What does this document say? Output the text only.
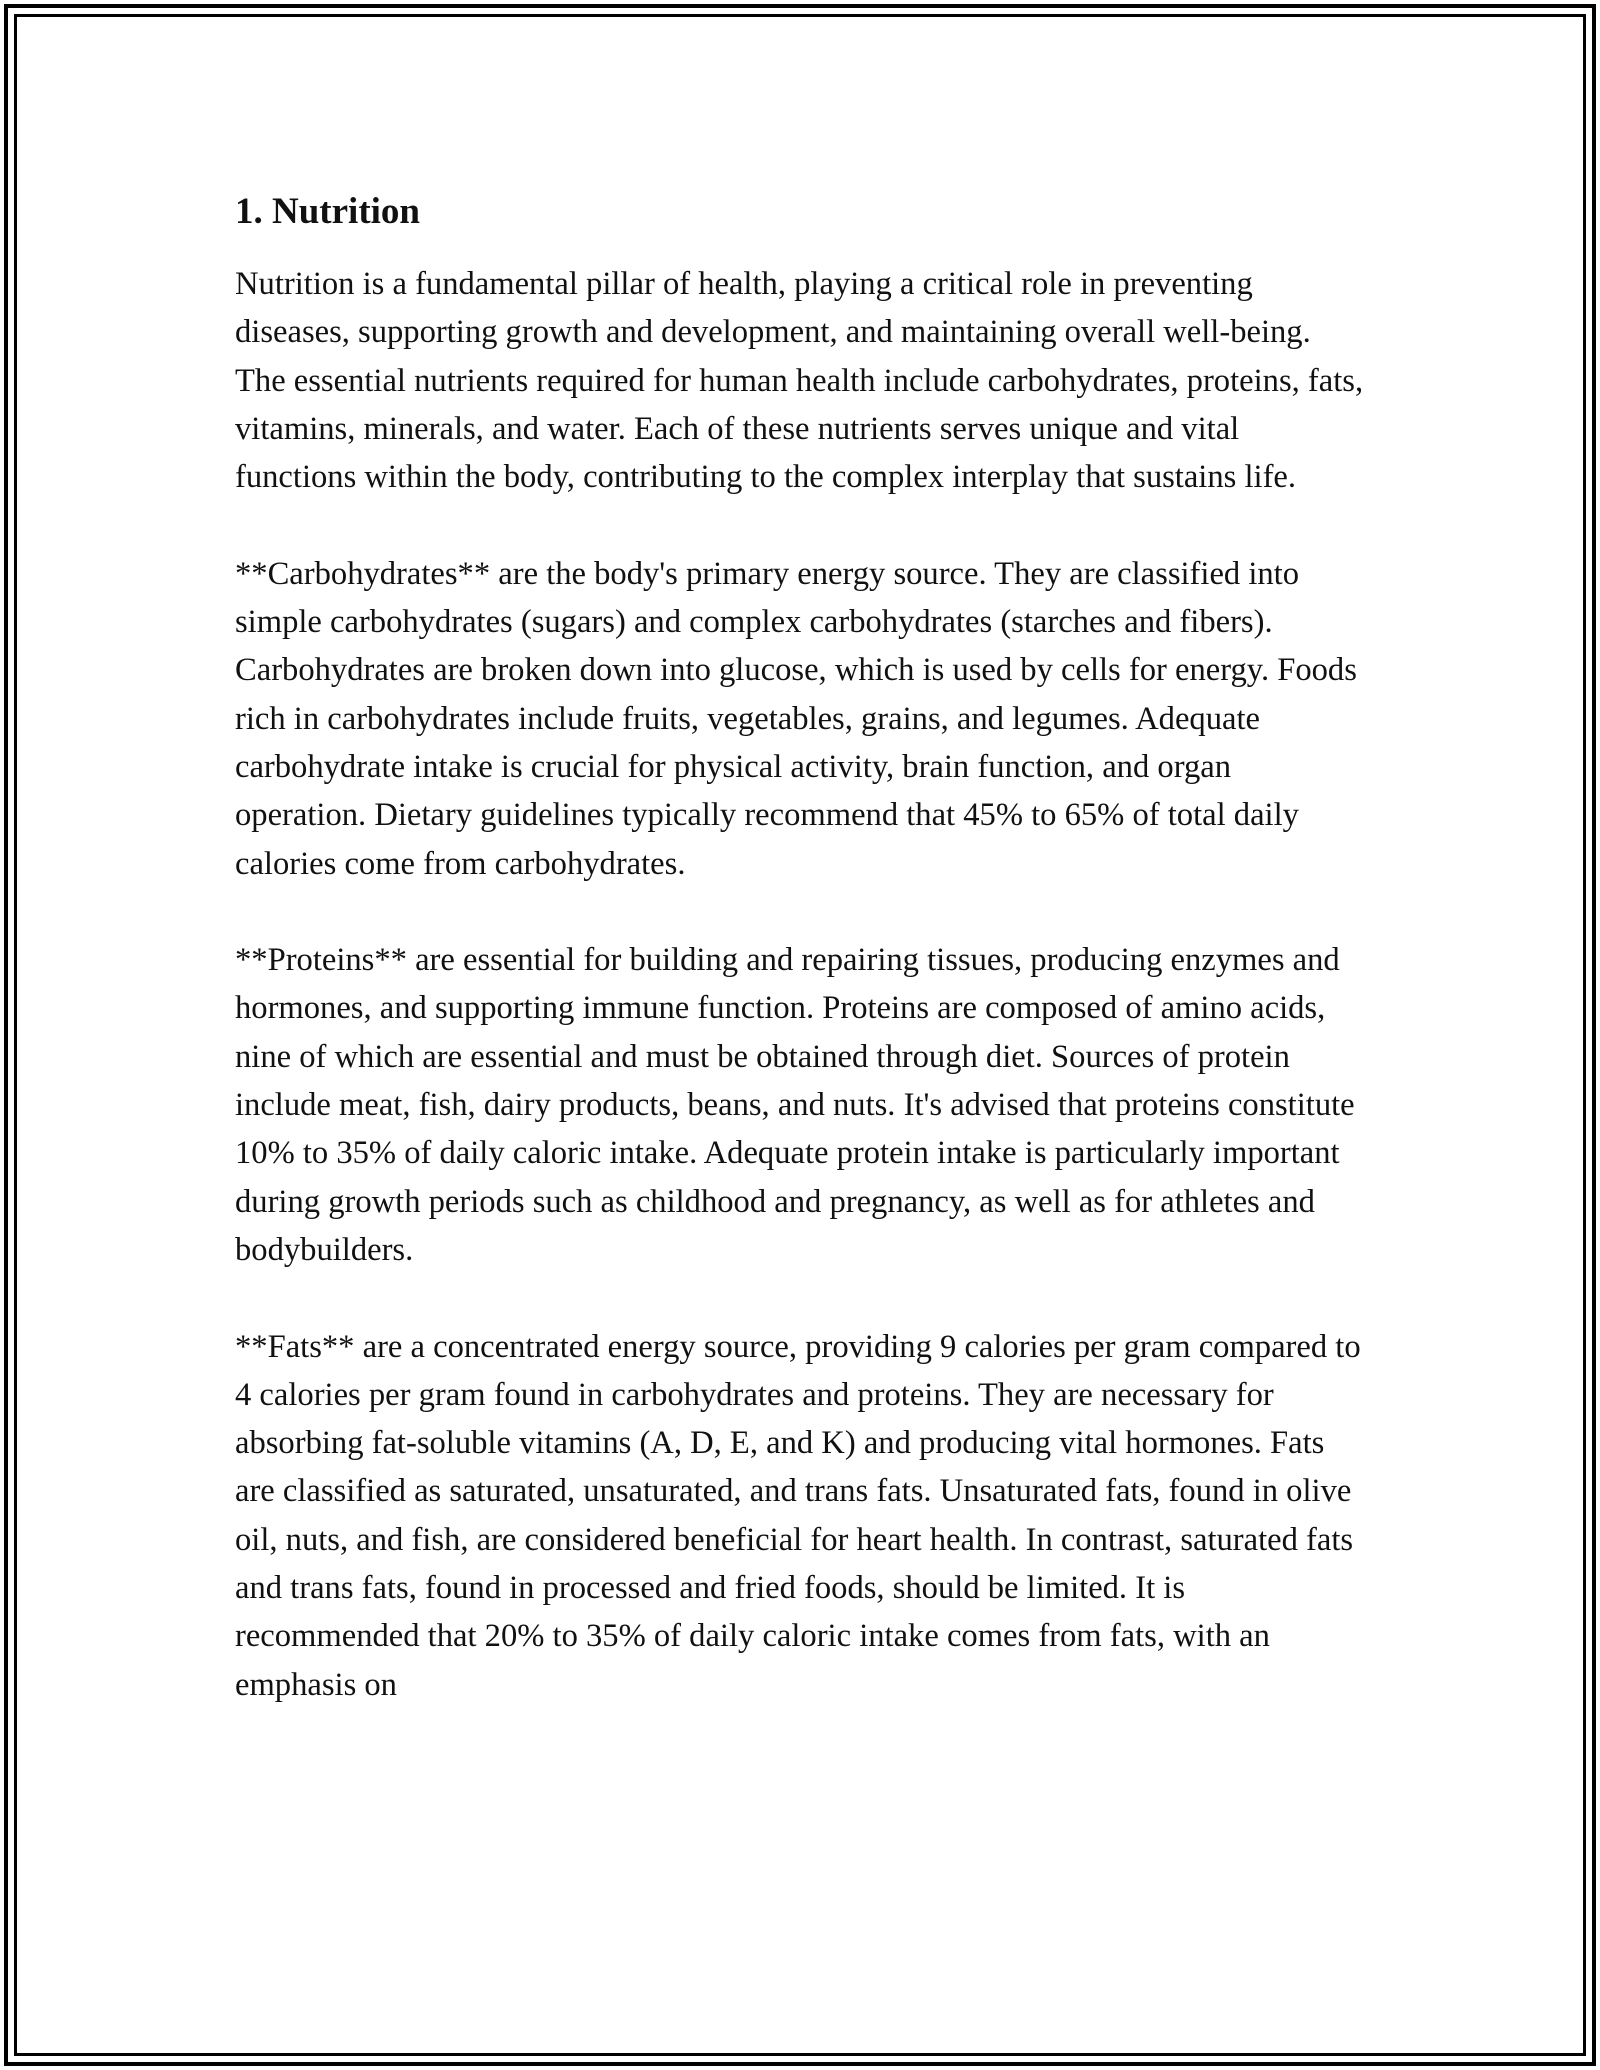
1. Nutrition

Nutrition is a fundamental pillar of health, playing a critical role in preventing diseases, supporting growth and development, and maintaining overall well-being. The essential nutrients required for human health include carbohydrates, proteins, fats, vitamins, minerals, and water. Each of these nutrients serves unique and vital functions within the body, contributing to the complex interplay that sustains life.

**Carbohydrates** are the body's primary energy source. They are classified into simple carbohydrates (sugars) and complex carbohydrates (starches and fibers). Carbohydrates are broken down into glucose, which is used by cells for energy. Foods rich in carbohydrates include fruits, vegetables, grains, and legumes. Adequate carbohydrate intake is crucial for physical activity, brain function, and organ operation. Dietary guidelines typically recommend that 45% to 65% of total daily calories come from carbohydrates.

**Proteins** are essential for building and repairing tissues, producing enzymes and hormones, and supporting immune function. Proteins are composed of amino acids, nine of which are essential and must be obtained through diet. Sources of protein include meat, fish, dairy products, beans, and nuts. It's advised that proteins constitute 10% to 35% of daily caloric intake. Adequate protein intake is particularly important during growth periods such as childhood and pregnancy, as well as for athletes and bodybuilders.

**Fats** are a concentrated energy source, providing 9 calories per gram compared to 4 calories per gram found in carbohydrates and proteins. They are necessary for absorbing fat-soluble vitamins (A, D, E, and K) and producing vital hormones. Fats are classified as saturated, unsaturated, and trans fats. Unsaturated fats, found in olive oil, nuts, and fish, are considered beneficial for heart health. In contrast, saturated fats and trans fats, found in processed and fried foods, should be limited. It is recommended that 20% to 35% of daily caloric intake comes from fats, with an emphasis on
